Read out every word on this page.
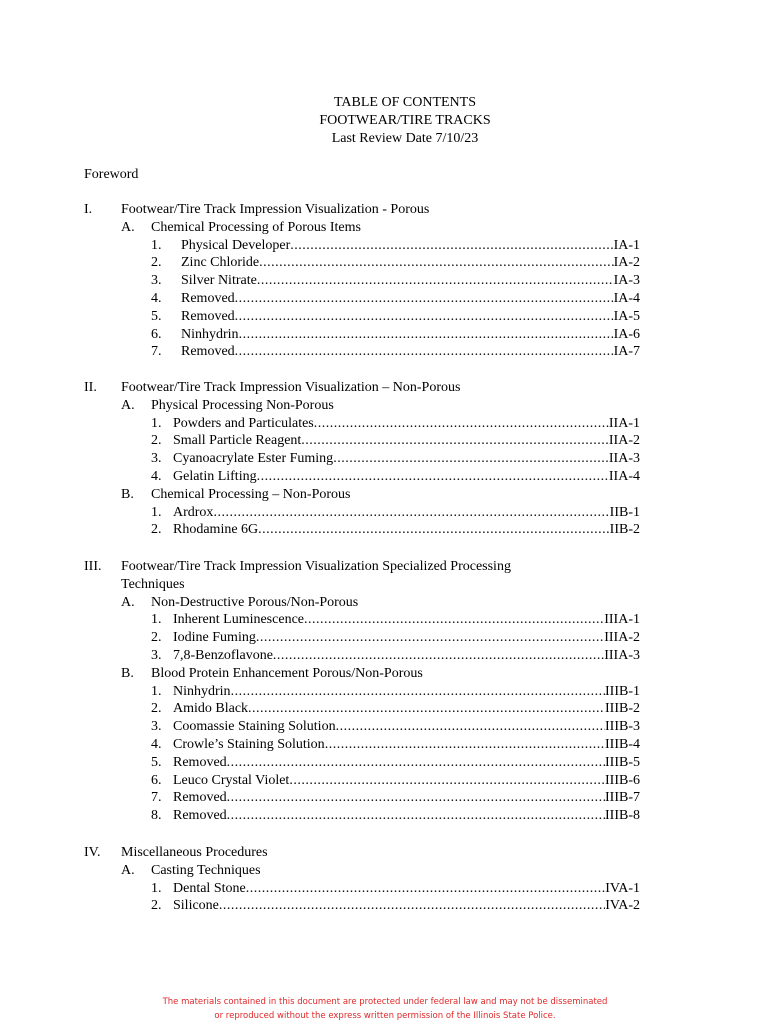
TABLE OF CONTENTS
FOOTWEAR/TIRE TRACKS
Last Review Date 7/10/23
Foreword
I. Footwear/Tire Track Impression Visualization - Porous
A. Chemical Processing of Porous Items
1. Physical Developer .....	IA-1
2. Zinc Chloride .....	IA-2
3. Silver Nitrate .....	IA-3
4. Removed .....	IA-4
5. Removed .....	IA-5
6. Ninhydrin .....	IA-6
7. Removed .....	IA-7
II. Footwear/Tire Track Impression Visualization – Non-Porous
A. Physical Processing Non-Porous
1. Powders and Particulates .....	IIA-1
2. Small Particle Reagent .....	IIA-2
3. Cyanoacrylate Ester Fuming .....	IIA-3
4. Gelatin Lifting .....	IIA-4
B. Chemical Processing – Non-Porous
1. Ardrox .....	IIB-1
2. Rhodamine 6G .....	IIB-2
III. Footwear/Tire Track Impression Visualization Specialized Processing
Techniques
A. Non-Destructive Porous/Non-Porous
1. Inherent Luminescence .....	IIIA-1
2. Iodine Fuming .....	IIIA-2
3. 7,8-Benzoflavone .....	IIIA-3
B. Blood Protein Enhancement Porous/Non-Porous
1. Ninhydrin .....	IIIB-1
2. Amido Black .....	IIIB-2
3. Coomassie Staining Solution .....	IIIB-3
4. Crowle’s Staining Solution .....	IIIB-4
5. Removed .....	IIIB-5
6. Leuco Crystal Violet .....	IIIB-6
7. Removed .....	IIIB-7
8. Removed .....	IIIB-8
IV. Miscellaneous Procedures
A. Casting Techniques
1. Dental Stone .....	IVA-1
2. Silicone .....	IVA-2
The materials contained in this document are protected under federal law and may not be disseminated
or reproduced without the express written permission of the Illinois State Police.
